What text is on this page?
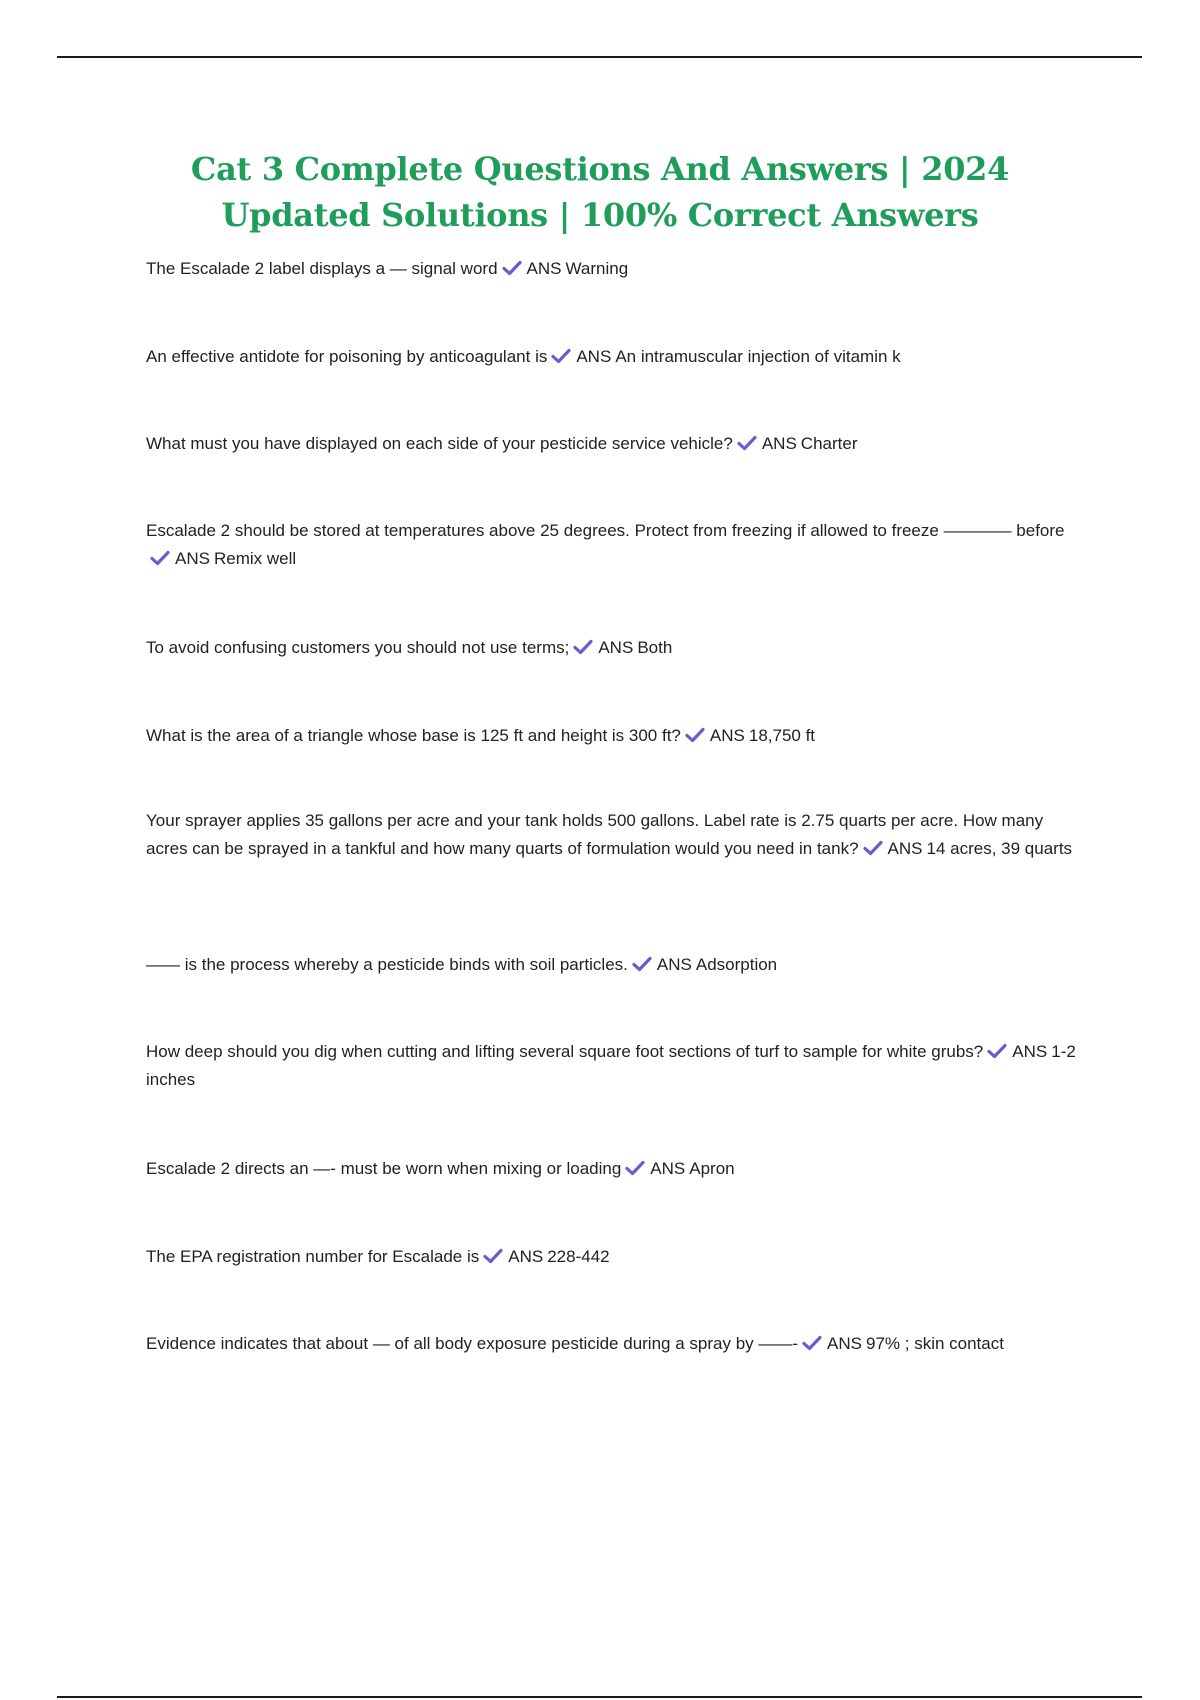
Cat 3 Complete Questions And Answers | 2024 Updated Solutions | 100% Correct Answers
The Escalade 2 label displays a — signal word ANS Warning
An effective antidote for poisoning by anticoagulant is ANS An intramuscular injection of vitamin k
What must you have displayed on each side of your pesticide service vehicle? ANS Charter
Escalade 2 should be stored at temperatures above 25 degrees. Protect from freezing if allowed to freeze ———— before
ANS Remix well
To avoid confusing customers you should not use terms; ANS Both
What is the area of a triangle whose base is 125 ft and height is 300 ft? ANS 18,750 ft
Your sprayer applies 35 gallons per acre and your tank holds 500 gallons. Label rate is 2.75 quarts per acre. How many acres can be sprayed in a tankful and how many quarts of formulation would you need in tank? ANS 14 acres, 39 quarts
—— is the process whereby a pesticide binds with soil particles. ANS Adsorption
How deep should you dig when cutting and lifting several square foot sections of turf to sample for white grubs? ANS 1-2 inches
Escalade 2 directs an —- must be worn when mixing or loading ANS Apron
The EPA registration number for Escalade is ANS 228-442
Evidence indicates that about — of all body exposure pesticide during a spray by ——- ANS 97% ; skin contact
